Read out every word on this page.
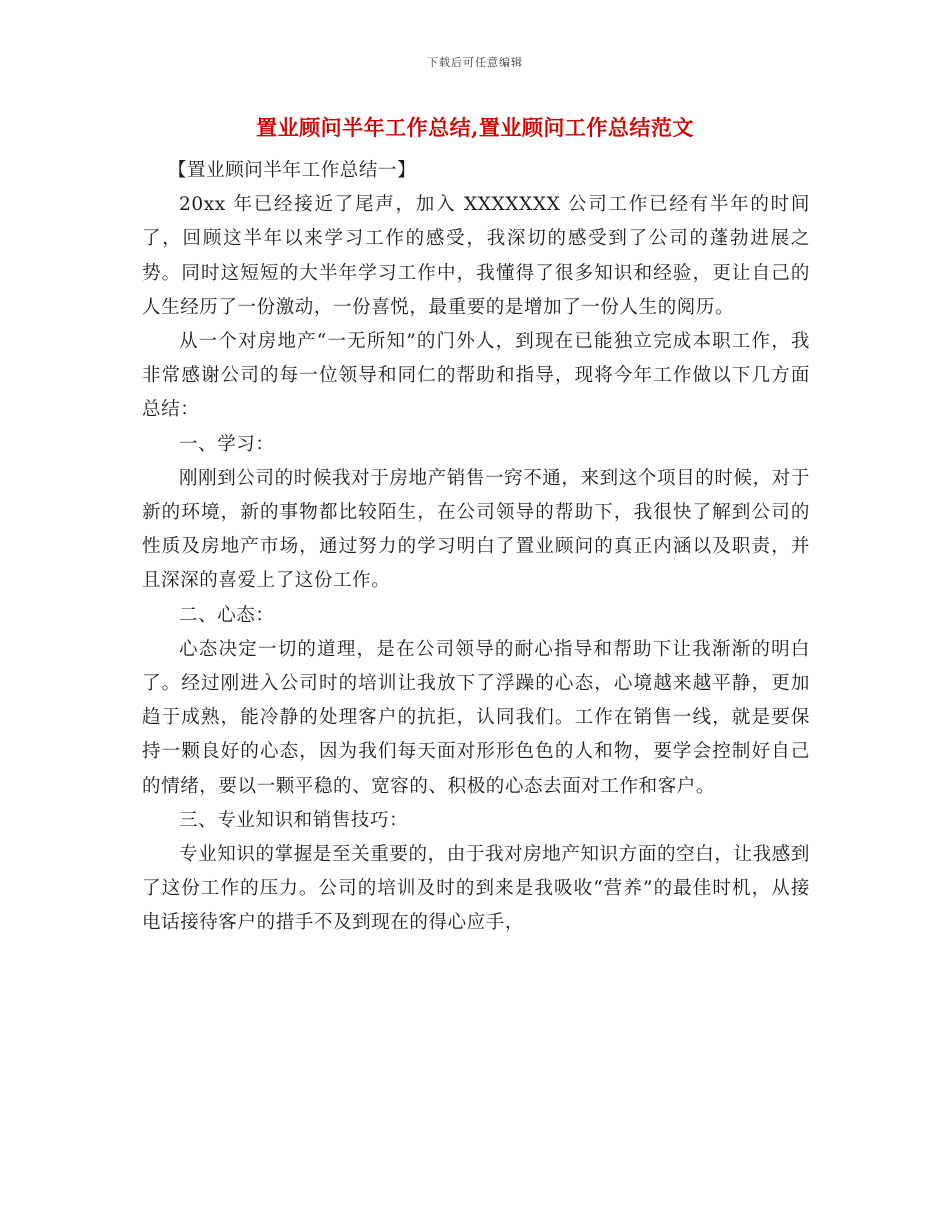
下载后可任意编辑
置业顾问半年工作总结,置业顾问工作总结范文

【置业顾问半年工作总结一】

20xx 年已经接近了尾声，加入 XXXXXXX 公司工作已经有半年的时间了，回顾这半年以来学习工作的感受，我深切的感受到了公司的蓬勃进展之势。同时这短短的大半年学习工作中，我懂得了很多知识和经验，更让自己的人生经历了一份激动，一份喜悦，最重要的是增加了一份人生的阅历。

从一个对房地产“一无所知”的门外人，到现在已能独立完成本职工作，我非常感谢公司的每一位领导和同仁的帮助和指导，现将今年工作做以下几方面总结：

一、学习：

刚刚到公司的时候我对于房地产销售一窍不通，来到这个项目的时候，对于新的环境，新的事物都比较陌生，在公司领导的帮助下，我很快了解到公司的性质及房地产市场，通过努力的学习明白了置业顾问的真正内涵以及职责，并且深深的喜爱上了这份工作。

二、心态：

心态决定一切的道理，是在公司领导的耐心指导和帮助下让我渐渐的明白了。经过刚进入公司时的培训让我放下了浮躁的心态，心境越来越平静，更加趋于成熟，能冷静的处理客户的抗拒，认同我们。工作在销售一线，就是要保持一颗良好的心态，因为我们每天面对形形色色的人和物，要学会控制好自己的情绪，要以一颗平稳的、宽容的、积极的心态去面对工作和客户。

三、专业知识和销售技巧：

专业知识的掌握是至关重要的，由于我对房地产知识方面的空白，让我感到了这份工作的压力。公司的培训及时的到来是我吸收“营养”的最佳时机，从接电话接待客户的措手不及到现在的得心应手，
